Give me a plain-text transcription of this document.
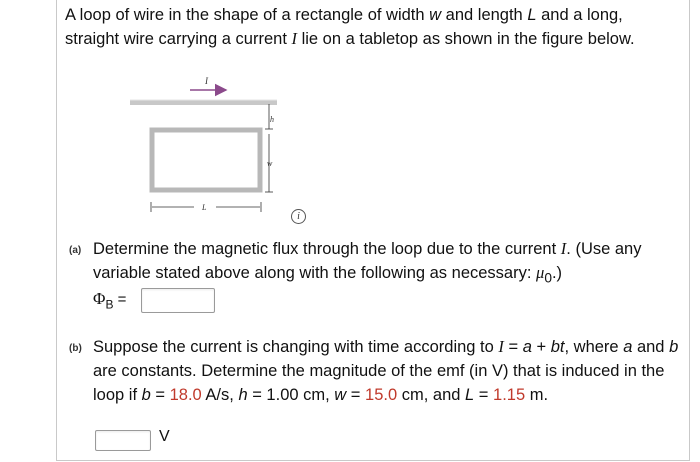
A loop of wire in the shape of a rectangle of width w and length L and a long, straight wire carrying a current I lie on a tabletop as shown in the figure below.
I
h
w
L
i
(a) Determine the magnetic flux through the loop due to the current I. (Use any variable stated above along with the following as necessary: $\mu_0$.)
$\Phi_B$ =
(b) Suppose the current is changing with time according to I = a + bt, where a and b are constants. Determine the magnitude of the emf (in V) that is induced in the loop if b = 18.0 A/s, h = 1.00 cm, w = 15.0 cm, and L = 1.15 m.
V
